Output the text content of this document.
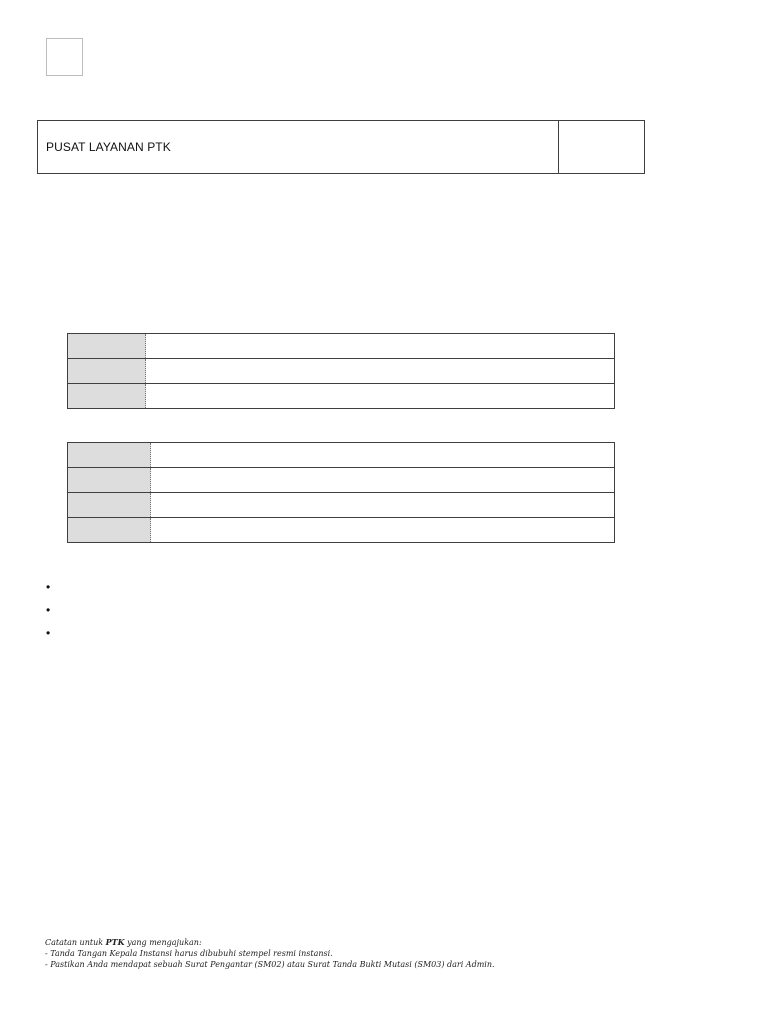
PUSAT LAYANAN PTK
•
•
•
Catatan untuk PTK yang mengajukan:
- Tanda Tangan Kepala Instansi harus dibubuhi stempel resmi instansi.
- Pastikan Anda mendapat sebuah Surat Pengantar (SM02) atau Surat Tanda Bukti Mutasi (SM03) dari Admin.
